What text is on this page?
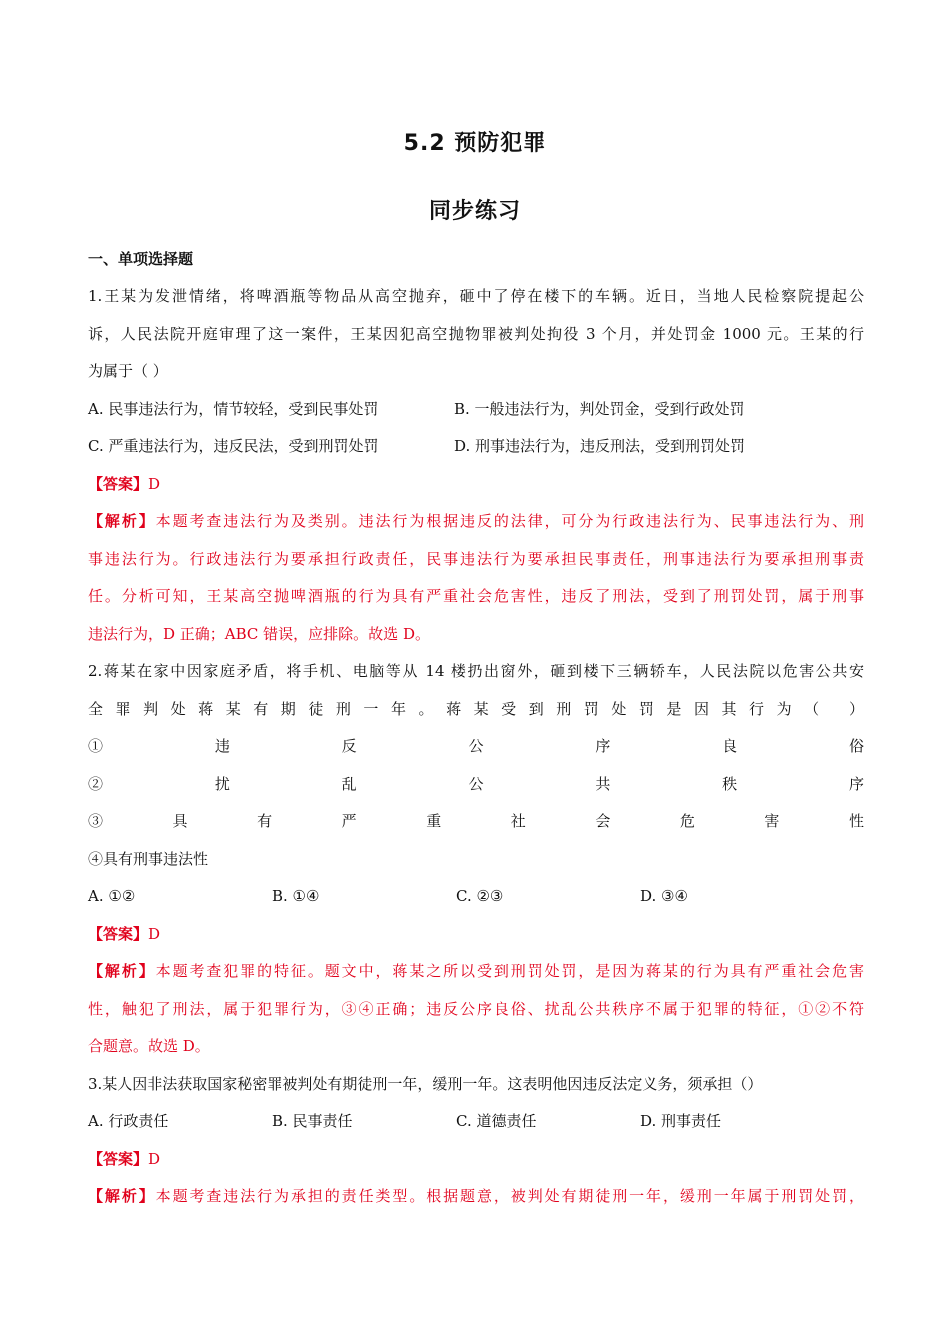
5.2 预防犯罪
同步练习
一、单项选择题

1.王某为发泄情绪，将啤酒瓶等物品从高空抛弃，砸中了停在楼下的车辆。近日，当地人民检察院提起公

诉，人民法院开庭审理了这一案件，王某因犯高空抛物罪被判处拘役 3 个月，并处罚金 1000 元。王某的行

为属于（ ）

A. 民事违法行为，情节较轻，受到民事处罚	B. 一般违法行为，判处罚金，受到行政处罚
C. 严重违法行为，违反民法，受到刑罚处罚	D. 刑事违法行为，违反刑法，受到刑罚处罚

【答案】D

【解析】本题考查违法行为及类别。违法行为根据违反的法律，可分为行政违法行为、民事违法行为、刑

事违法行为。行政违法行为要承担行政责任，民事违法行为要承担民事责任，刑事违法行为要承担刑事责

任。分析可知，王某高空抛啤酒瓶的行为具有严重社会危害性，违反了刑法，受到了刑罚处罚，属于刑事

违法行为，D 正确；ABC 错误，应排除。故选 D。

2.蒋某在家中因家庭矛盾，将手机、电脑等从 14 楼扔出窗外，砸到楼下三辆轿车，人民法院以危害公共安

全罪判处蒋某有期徒刑一年。蒋某受到刑罚处罚是因其行为（ ）

①违反公序良俗

②扰乱公共秩序

③具有严重社会危害性

④具有刑事违法性

A. ①②	B. ①④	C. ②③	D. ③④

【答案】D

【解析】本题考查犯罪的特征。题文中，蒋某之所以受到刑罚处罚，是因为蒋某的行为具有严重社会危害

性，触犯了刑法，属于犯罪行为，③④正确；违反公序良俗、扰乱公共秩序不属于犯罪的特征，①②不符

合题意。故选 D。

3.某人因非法获取国家秘密罪被判处有期徒刑一年，缓刑一年。这表明他因违反法定义务，须承担（）

A. 行政责任	B. 民事责任	C. 道德责任	D. 刑事责任

【答案】D

【解析】本题考查违法行为承担的责任类型。根据题意，被判处有期徒刑一年，缓刑一年属于刑罚处罚，
